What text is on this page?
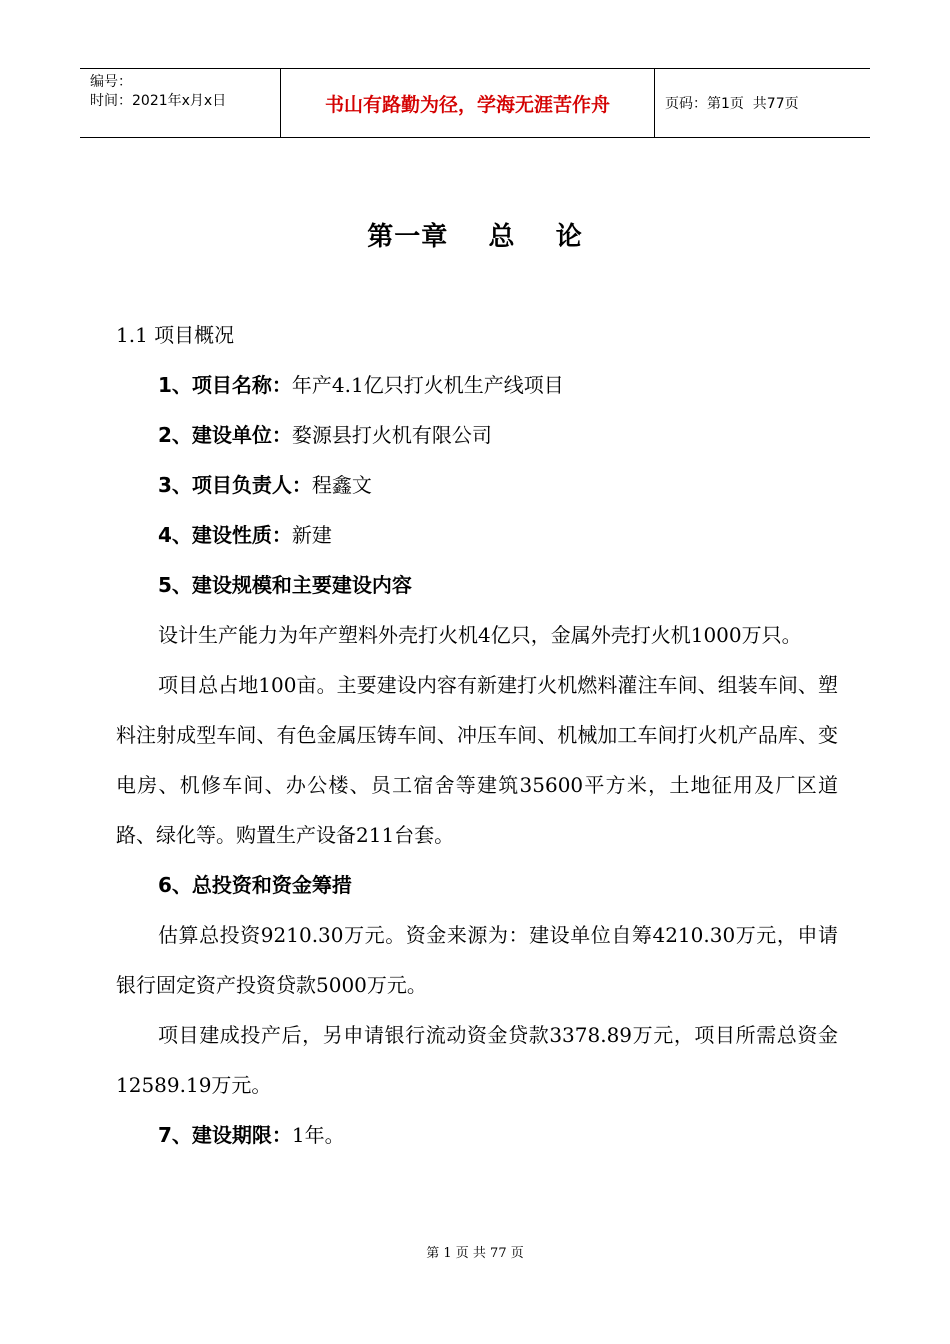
编号：
时间：2021年x月x日	书山有路勤为径，学海无涯苦作舟	页码：第1页  共77页
第一章    总    论

1.1 项目概况

1、项目名称：年产4.1亿只打火机生产线项目

2、建设单位：婺源县打火机有限公司

3、项目负责人：程鑫文

4、建设性质：新建

5、建设规模和主要建设内容

设计生产能力为年产塑料外壳打火机4亿只，金属外壳打火机1000万只。

项目总占地100亩。主要建设内容有新建打火机燃料灌注车间、组装车间、塑料注射成型车间、有色金属压铸车间、冲压车间、机械加工车间打火机产品库、变电房、机修车间、办公楼、员工宿舍等建筑35600平方米，土地征用及厂区道路、绿化等。购置生产设备211台套。

6、总投资和资金筹措

估算总投资9210.30万元。资金来源为：建设单位自筹4210.30万元，申请银行固定资产投资贷款5000万元。

项目建成投产后，另申请银行流动资金贷款3378.89万元，项目所需总资金12589.19万元。

7、建设期限：1年。

第 1 页 共 77 页
